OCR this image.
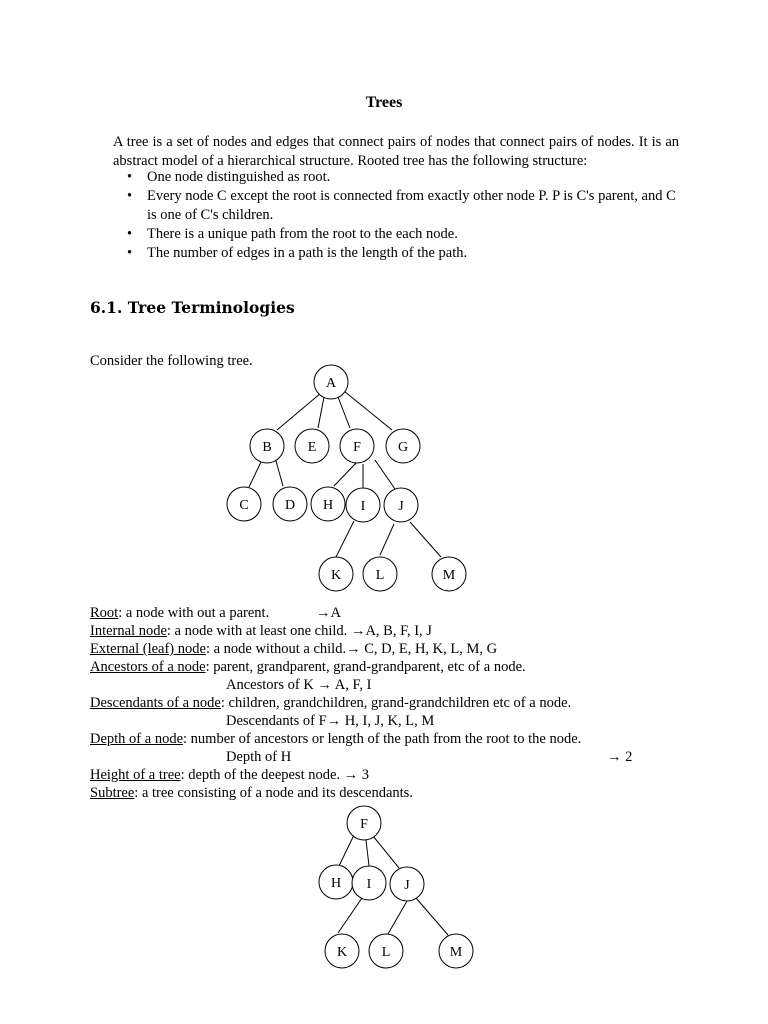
Trees
A tree is a set of nodes and edges that connect pairs of nodes that connect pairs of nodes. It is an abstract model of a hierarchical structure. Rooted tree has the following structure:
• One node distinguished as root.
• Every node C except the root is connected from exactly other node P. P is C's parent, and C is one of C's children.
• There is a unique path from the root to the each node.
• The number of edges in a path is the length of the path.
6.1. Tree Terminologies
Consider the following tree.
A
B	E	F	G
C	D H I J
K L	M
Root: a node with out a parent.	→A
Internal node: a node with at least one child. →A, B, F, I, J
External (leaf) node: a node without a child.→ C, D, E, H, K, L, M, G
Ancestors of a node: parent, grandparent, grand-grandparent, etc of a node.
Ancestors of K → A, F, I
Descendants of a node: children, grandchildren, grand-grandchildren etc of a node.
Descendants of F→ H, I, J, K, L, M
Depth of a node: number of ancestors or length of the path from the root to the node.
Depth of H	→ 2
Height of a tree: depth of the deepest node. → 3
Subtree: a tree consisting of a node and its descendants.
F
H I J
K L	M
